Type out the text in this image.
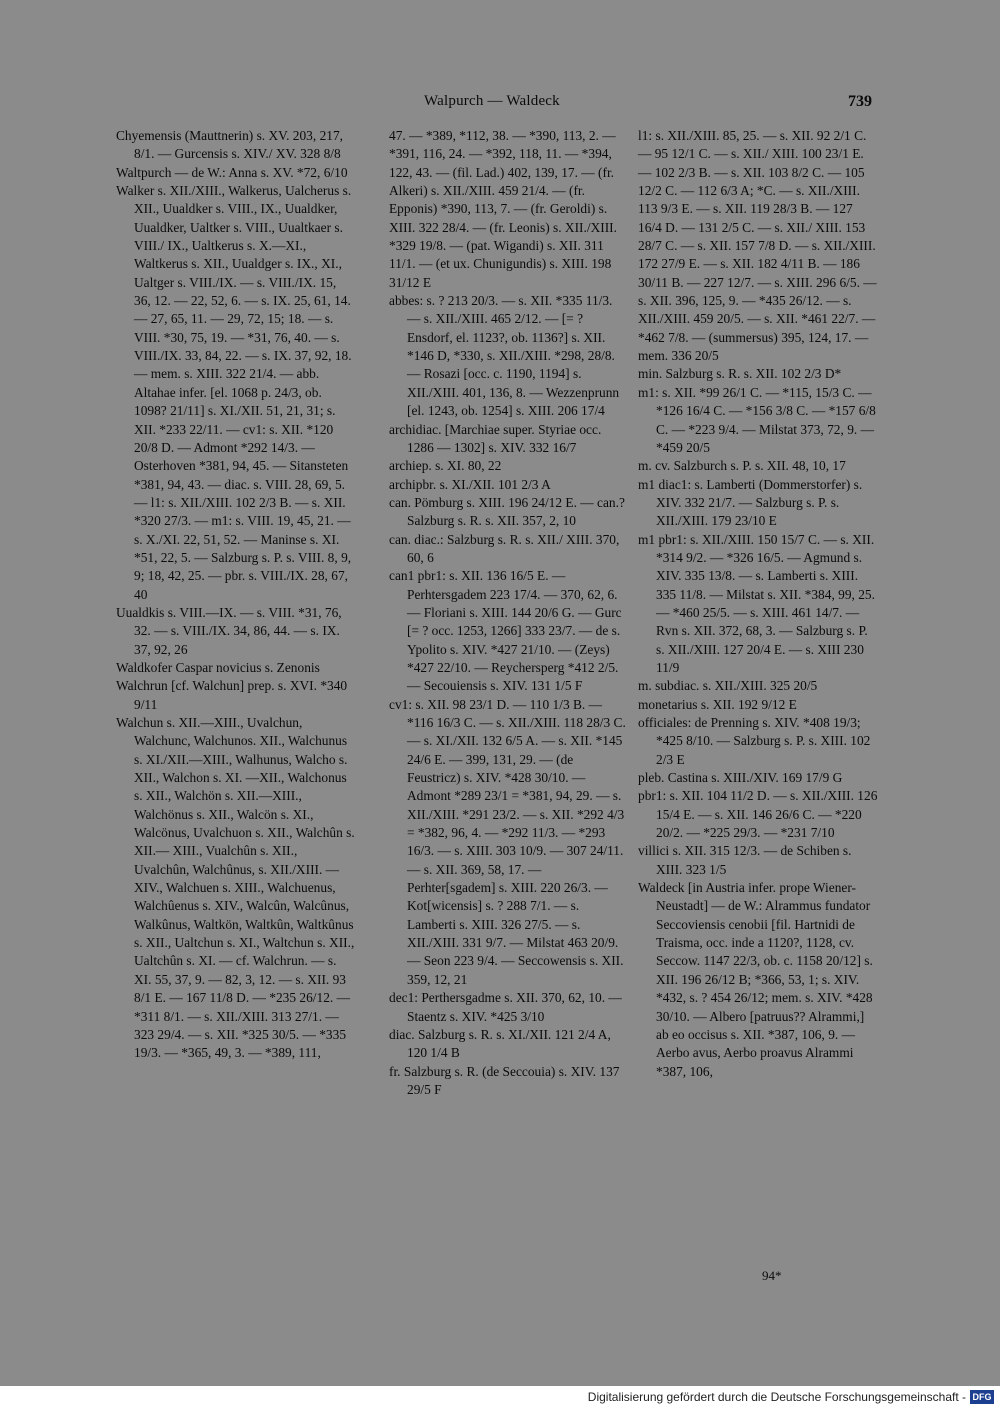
Walpurch — Waldeck	739

Chyemensis (Mauttnerin) s. XV. 203, 217, 8/1. — Gurcensis s. XIV./ XV. 328 8/8

Waltpurch — de W.: Anna s. XV. *72, 6/10

Walker s. XII./XIII., Walkerus, Ualcherus s. XII., Uualdker s. VIII., IX., Uualdker, Uualdker, Ualtker s. VIII., Uualtkaer s. VIII./ IX., Ualtkerus s. X.—XI., Waltkerus s. XII., Uualdger s. IX., XI., Ualtger s. VIII./IX. — s. VIII./IX. 15, 36, 12. — 22, 52, 6. — s. IX. 25, 61, 14. — 27, 65, 11. — 29, 72, 15; 18. — s. VIII. *30, 75, 19. — *31, 76, 40. — s. VIII./IX. 33, 84, 22. — s. IX. 37, 92, 18. — mem. s. XIII. 322 21/4. — abb. Altahae infer. [el. 1068 p. 24/3, ob. 1098? 21/11] s. XI./XII. 51, 21, 31; s. XII. *233 22/11. — cv1: s. XII. *120 20/8 D. — Admont *292 14/3. — Osterhoven *381, 94, 45. — Sitansteten *381, 94, 43. — diac. s. VIII. 28, 69, 5. — l1: s. XII./XIII. 102 2/3 B. — s. XII. *320 27/3. — m1: s. VIII. 19, 45, 21. — s. X./XI. 22, 51, 52. — Maninse s. XI. *51, 22, 5. — Salzburg s. P. s. VIII. 8, 9, 9; 18, 42, 25. — pbr. s. VIII./IX. 28, 67, 40

Uualdkis s. VIII.—IX. — s. VIII. *31, 76, 32. — s. VIII./IX. 34, 86, 44. — s. IX. 37, 92, 26

Waldkofer Caspar novicius s. Zenonis

Walchrun [cf. Walchun] prep. s. XVI. *340 9/11

Walchun s. XII.—XIII., Uvalchun, Walchunc, Walchunos. XII., Walchunus s. XI./XII.—XIII., Walhunus, Walcho s. XII., Walchon s. XI. —XII., Walchonus s. XII., Walchön s. XII.—XIII., Walchönus s. XII., Walcön s. XI., Walcönus, Uvalchuon s. XII., Walchûn s. XII.— XIII., Vualchûn s. XII., Uvalchûn, Walchûnus, s. XII./XIII. — XIV., Walchuen s. XIII., Walchuenus, Walchûenus s. XIV., Walcûn, Walcûnus, Walkûnus, Waltkön, Waltkûn, Waltkûnus s. XII., Ualtchun s. XI., Waltchun s. XII., Ualtchûn s. XI. — cf. Walchrun. — s. XI. 55, 37, 9. — 82, 3, 12. — s. XII. 93 8/1 E. — 167 11/8 D. — *235 26/12. — *311 8/1. — s. XII./XIII. 313 27/1. — 323 29/4. — s. XII. *325 30/5. — *335 19/3. — *365, 49, 3. — *389, 111,

47. — *389, *112, 38. — *390, 113, 2. — *391, 116, 24. — *392, 118, 11. — *394, 122, 43. — (fil. Lad.) 402, 139, 17. — (fr. Alkeri) s. XII./XIII. 459 21/4. — (fr. Epponis) *390, 113, 7. — (fr. Geroldi) s. XIII. 322 28/4. — (fr. Leonis) s. XII./XIII. *329 19/8. — (pat. Wigandi) s. XII. 311 11/1. — (et ux. Chunigundis) s. XIII. 198 31/12 E

abbes: s. ? 213 20/3. — s. XII. *335 11/3. — s. XII./XIII. 465 2/12. — [= ? Ensdorf, el. 1123?, ob. 1136?] s. XII. *146 D, *330, s. XII./XIII. *298, 28/8. — Rosazi [occ. c. 1190, 1194] s. XII./XIII. 401, 136, 8. — Wezzenprunn [el. 1243, ob. 1254] s. XIII. 206 17/4

archidiac. [Marchiae super. Styriae occ. 1286 — 1302] s. XIV. 332 16/7

archiep. s. XI. 80, 22

archipbr. s. XI./XII. 101 2/3 A

can. Pömburg s. XIII. 196 24/12 E. — can.? Salzburg s. R. s. XII. 357, 2, 10

can. diac.: Salzburg s. R. s. XII./ XIII. 370, 60, 6

can1 pbr1: s. XII. 136 16/5 E. — Perhtersgadem 223 17/4. — 370, 62, 6. — Floriani s. XIII. 144 20/6 G. — Gurc [= ? occ. 1253, 1266] 333 23/7. — de s. Ypolito s. XIV. *427 21/10. — (Zeys) *427 22/10. — Reychersperg *412 2/5. — Secouiensis s. XIV. 131 1/5 F

cv1: s. XII. 98 23/1 D. — 110 1/3 B. — *116 16/3 C. — s. XII./XIII. 118 28/3 C. — s. XI./XII. 132 6/5 A. — s. XII. *145 24/6 E. — 399, 131, 29. — (de Feustricz) s. XIV. *428 30/10. — Admont *289 23/1 = *381, 94, 29. — s. XII./XIII. *291 23/2. — s. XII. *292 4/3 = *382, 96, 4. — *292 11/3. — *293 16/3. — s. XIII. 303 10/9. — 307 24/11. — s. XII. 369, 58, 17. — Perhter[sgadem] s. XIII. 220 26/3. — Kot[wicensis] s. ? 288 7/1. — s. Lamberti s. XIII. 326 27/5. — s. XII./XIII. 331 9/7. — Milstat 463 20/9. — Seon 223 9/4. — Seccowensis s. XII. 359, 12, 21

dec1: Perthersgadme s. XII. 370, 62, 10. — Staentz s. XIV. *425 3/10

diac. Salzburg s. R. s. XI./XII. 121 2/4 A, 120 1/4 B

fr. Salzburg s. R. (de Seccouia) s. XIV. 137 29/5 F

l1: s. XII./XIII. 85, 25. — s. XII. 92 2/1 C. — 95 12/1 C. — s. XII./ XIII. 100 23/1 E. — 102 2/3 B. — s. XII. 103 8/2 C. — 105 12/2 C. — 112 6/3 A; *C. — s. XII./XIII. 113 9/3 E. — s. XII. 119 28/3 B. — 127 16/4 D. — 131 2/5 C. — s. XII./ XIII. 153 28/7 C. — s. XII. 157 7/8 D. — s. XII./XIII. 172 27/9 E. — s. XII. 182 4/11 B. — 186 30/11 B. — 227 12/7. — s. XIII. 296 6/5. — s. XII. 396, 125, 9. — *435 26/12. — s. XII./XIII. 459 20/5. — s. XII. *461 22/7. — *462 7/8. — (summersus) 395, 124, 17. — mem. 336 20/5

min. Salzburg s. R. s. XII. 102 2/3 D*

m1: s. XII. *99 26/1 C. — *115, 15/3 C. — *126 16/4 C. — *156 3/8 C. — *157 6/8 C. — *223 9/4. — Milstat 373, 72, 9. — *459 20/5

m. cv. Salzburch s. P. s. XII. 48, 10, 17

m1 diac1: s. Lamberti (Dommerstorfer) s. XIV. 332 21/7. — Salzburg s. P. s. XII./XIII. 179 23/10 E

m1 pbr1: s. XII./XIII. 150 15/7 C. — s. XII. *314 9/2. — *326 16/5. — Agmund s. XIV. 335 13/8. — s. Lamberti s. XIII. 335 11/8. — Milstat s. XII. *384, 99, 25. — *460 25/5. — s. XIII. 461 14/7. — Rvn s. XII. 372, 68, 3. — Salzburg s. P. s. XII./XIII. 127 20/4 E. — s. XIII 230 11/9

m. subdiac. s. XII./XIII. 325 20/5

monetarius s. XII. 192 9/12 E

officiales: de Prenning s. XIV. *408 19/3; *425 8/10. — Salzburg s. P. s. XIII. 102 2/3 E

pleb. Castina s. XIII./XIV. 169 17/9 G

pbr1: s. XII. 104 11/2 D. — s. XII./XIII. 126 15/4 E. — s. XII. 146 26/6 C. — *220 20/2. — *225 29/3. — *231 7/10

villici s. XII. 315 12/3. — de Schiben s. XIII. 323 1/5

Waldeck [in Austria infer. prope Wiener-Neustadt] — de W.: Alrammus fundator Seccoviensis cenobii [fil. Hartnidi de Traisma, occ. inde a 1120?, 1128, cv. Seccow. 1147 22/3, ob. c. 1158 20/12] s. XII. 196 26/12 B; *366, 53, 1; s. XIV. *432, s. ? 454 26/12; mem. s. XIV. *428 30/10. — Albero [patruus?? Alrammi,] ab eo occisus s. XII. *387, 106, 9. — Aerbo avus, Aerbo proavus Alrammi *387, 106,

94*
Digitalisierung gefördert durch die Deutsche Forschungsgemeinschaft - DFG
